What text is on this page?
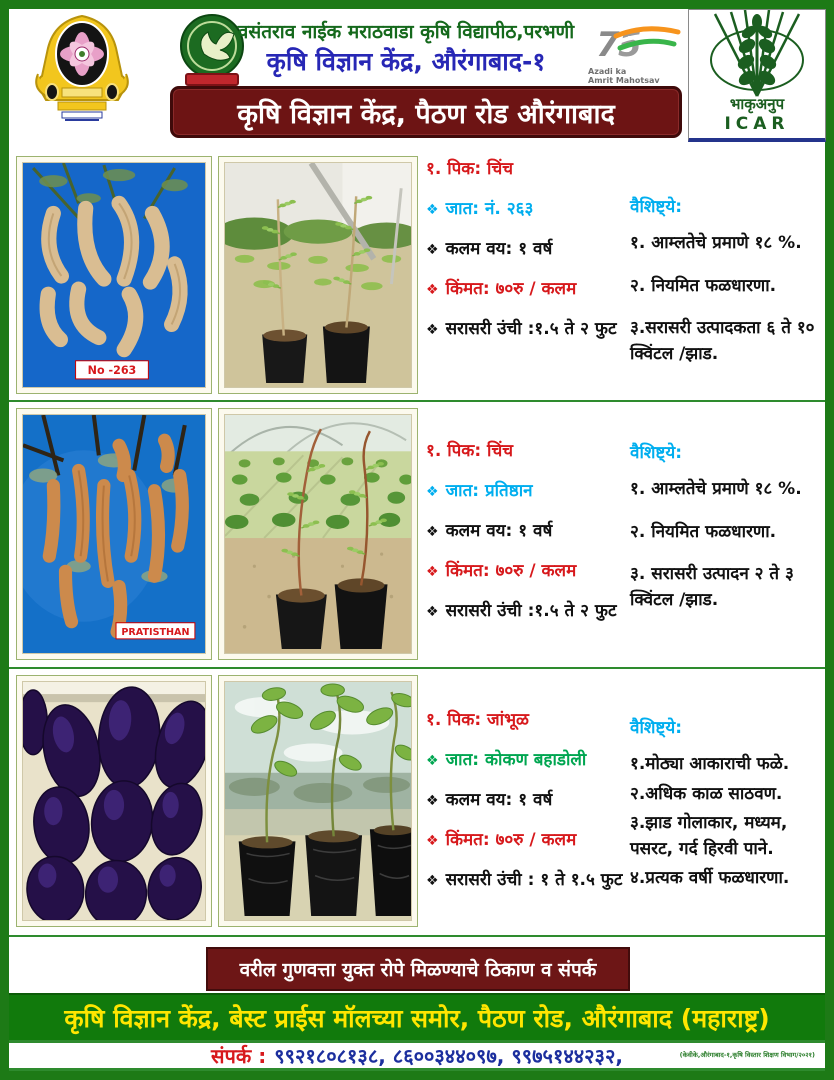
वसंतराव नाईक मराठवाडा कृषि विद्यापीठ,परभणी
कृषि विज्ञान केंद्र, औरंगाबाद-१	7
5
Azadi ka
Amrit Mahotsav
भाकृअनुप
ICAR
कृषि विज्ञान केंद्र, पैठण रोड औरंगाबाद
No -263
१. पिक: चिंच
❖ जात: नं. २६३
❖ कलम वय: १ वर्ष
❖ किंमत: ७०रु / कलम
❖ सरासरी उंची :१.५ ते २ फुट
वैशिष्ट्ये:
१. आम्लतेचे प्रमाणे १८ %.
२. नियमित फळधारणा.
३.सरासरी उत्पादकता ६ ते १० क्विंटल /झाड.
PRATISTHAN
१. पिक: चिंच
❖ जात: प्रतिष्ठान
❖ कलम वय: १ वर्ष
❖ किंमत: ७०रु / कलम
❖ सरासरी उंची :१.५ ते २ फुट
वैशिष्ट्ये:
१. आम्लतेचे प्रमाणे १८ %.
२. नियमित फळधारणा.
३. सरासरी उत्पादन २ ते ३ क्विंटल /झाड.
१. पिक: जांभूळ
❖ जात: कोकण बहाडोली
❖ कलम वय: १ वर्ष
❖ किंमत: ७०रु / कलम
❖ सरासरी उंची : १ ते १.५ फुट
वैशिष्ट्ये:
१.मोठ्या आकाराची फळे.
२.अधिक काळ साठवण.
३.झाड गोलाकार, मध्यम, पसरट, गर्द हिरवी पाने.
४.प्रत्यक वर्षी फळधारणा.
वरील गुणवत्ता युक्त रोपे मिळण्याचे ठिकाण व संपर्क
कृषि विज्ञान केंद्र, बेस्ट प्राईस मॉलच्या समोर, पैठण रोड, औरंगाबाद (महाराष्ट्र)
संपर्क : ९९२१८०८१३८, ८६००३४४०९७, ९९७५१४४२३२,	(केवीके,औरंगाबाद-१,कृषि विस्तार शिक्षण विभाग/२०२१)
